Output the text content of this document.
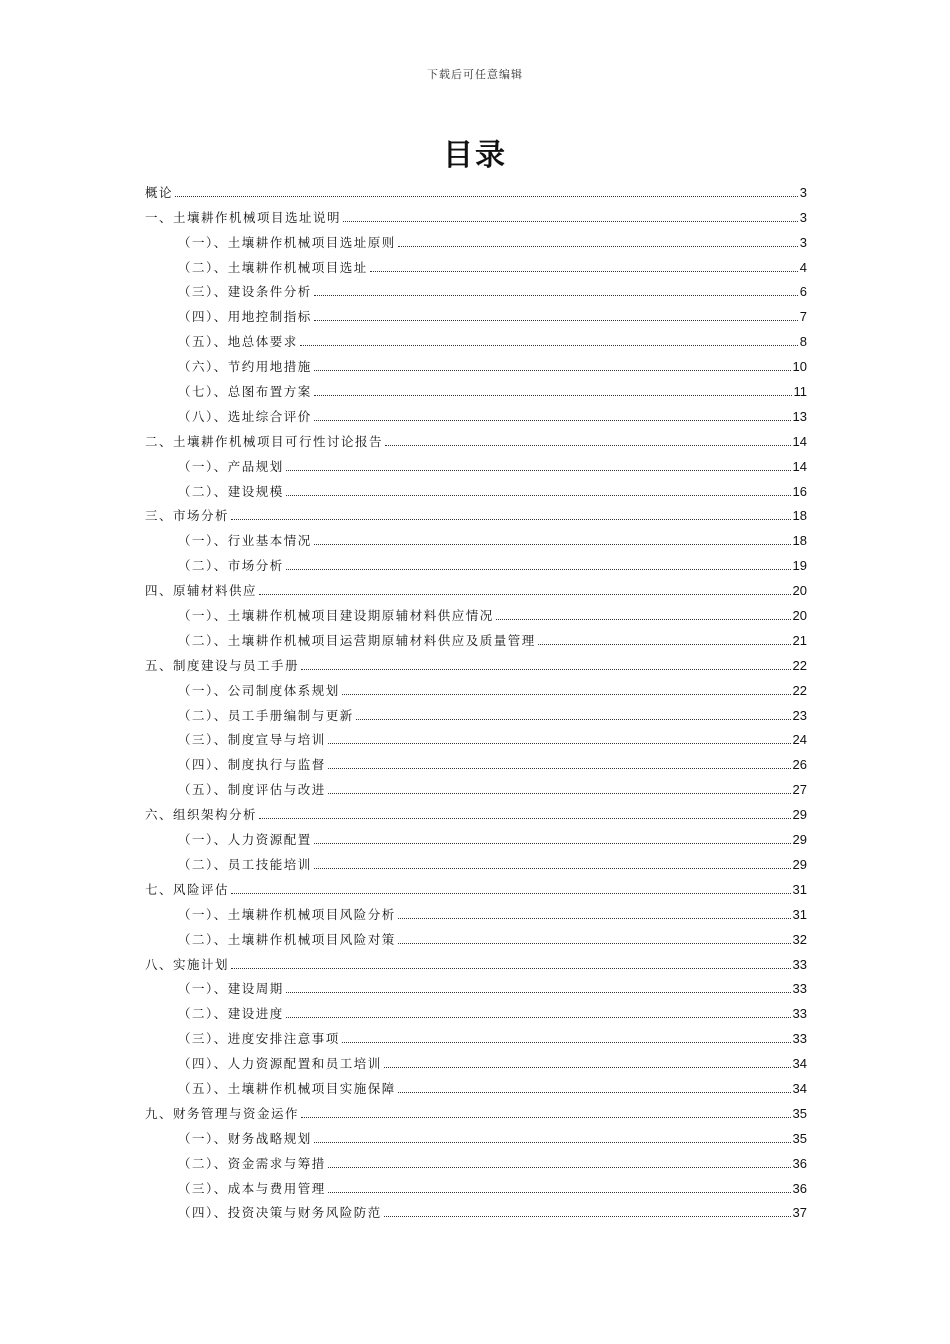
下载后可任意编辑
目录
概论	3
一、土壤耕作机械项目选址说明	3
（一）、土壤耕作机械项目选址原则	3
（二）、土壤耕作机械项目选址	4
（三）、建设条件分析	6
（四）、用地控制指标	7
（五）、地总体要求	8
（六）、节约用地措施	10
（七）、总图布置方案	11
（八）、选址综合评价	13
二、土壤耕作机械项目可行性讨论报告	14
（一）、产品规划	14
（二）、建设规模	16
三、市场分析	18
（一）、行业基本情况	18
（二）、市场分析	19
四、原辅材料供应	20
（一）、土壤耕作机械项目建设期原辅材料供应情况	20
（二）、土壤耕作机械项目运营期原辅材料供应及质量管理	21
五、制度建设与员工手册	22
（一）、公司制度体系规划	22
（二）、员工手册编制与更新	23
（三）、制度宣导与培训	24
（四）、制度执行与监督	26
（五）、制度评估与改进	27
六、组织架构分析	29
（一）、人力资源配置	29
（二）、员工技能培训	29
七、风险评估	31
（一）、土壤耕作机械项目风险分析	31
（二）、土壤耕作机械项目风险对策	32
八、实施计划	33
（一）、建设周期	33
（二）、建设进度	33
（三）、进度安排注意事项	33
（四）、人力资源配置和员工培训	34
（五）、土壤耕作机械项目实施保障	34
九、财务管理与资金运作	35
（一）、财务战略规划	35
（二）、资金需求与筹措	36
（三）、成本与费用管理	36
（四）、投资决策与财务风险防范	37
